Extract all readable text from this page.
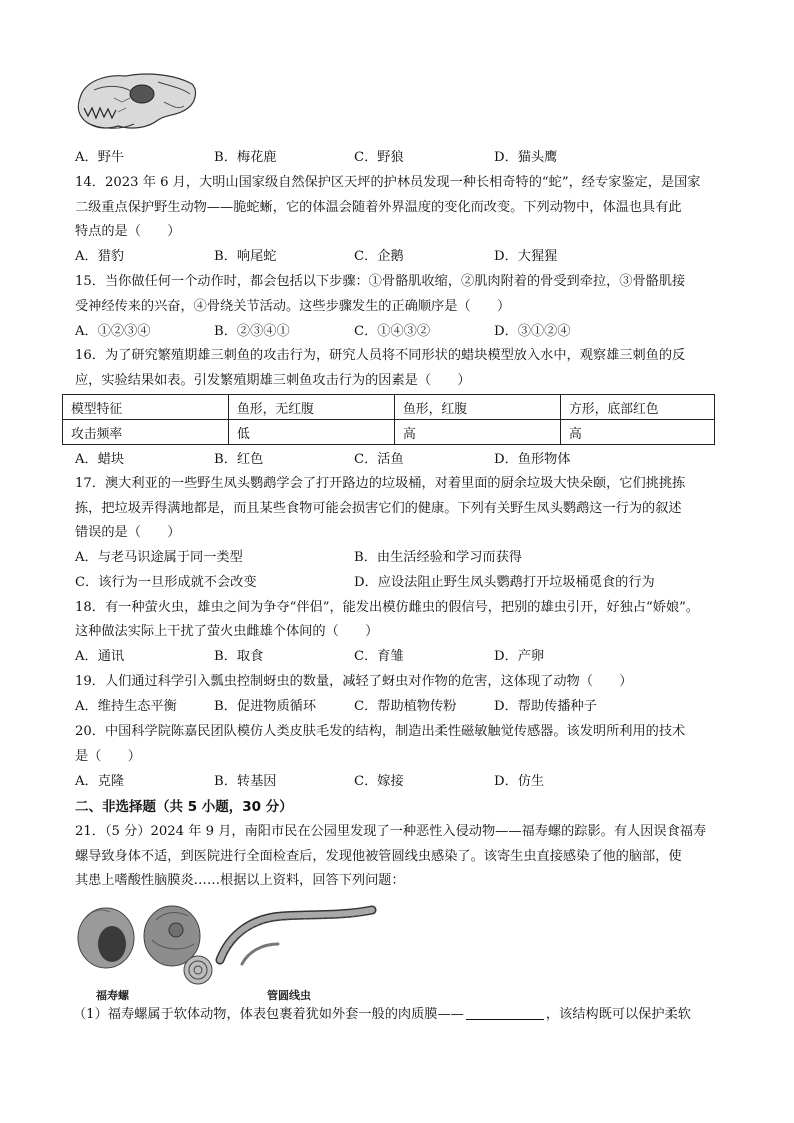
A．野牛	B．梅花鹿	C．野狼	D．猫头鹰
14．2023 年 6 月，大明山国家级自然保护区天坪的护林员发现一种长相奇特的“蛇”，经专家鉴定，是国家
二级重点保护野生动物——脆蛇蜥，它的体温会随着外界温度的变化而改变。下列动物中，体温也具有此
特点的是（　　）
A．猎豹	B．响尾蛇	C．企鹅	D．大猩猩
15．当你做任何一个动作时，都会包括以下步骤：①骨骼肌收缩，②肌肉附着的骨受到牵拉，③骨骼肌接
受神经传来的兴奋，④骨绕关节活动。这些步骤发生的正确顺序是（　　）
A．①②③④	B．②③④①	C．①④③②	D．③①②④
16．为了研究繁殖期雄三刺鱼的攻击行为，研究人员将不同形状的蜡块模型放入水中，观察雄三刺鱼的反
应，实验结果如表。引发繁殖期雄三刺鱼攻击行为的因素是（　　）
模型特征	鱼形，无红腹	鱼形，红腹	方形，底部红色
攻击频率	低	高	高
A．蜡块	B．红色	C．活鱼	D．鱼形物体
17．澳大利亚的一些野生凤头鹦鹉学会了打开路边的垃圾桶，对着里面的厨余垃圾大快朵颐，它们挑挑拣
拣，把垃圾弄得满地都是，而且某些食物可能会损害它们的健康。下列有关野生凤头鹦鹉这一行为的叙述
错误的是（　　）
A．与老马识途属于同一类型	B．由生活经验和学习而获得
C．该行为一旦形成就不会改变	D．应设法阻止野生凤头鹦鹉打开垃圾桶觅食的行为
18．有一种萤火虫，雄虫之间为争夺“伴侣”，能发出模仿雌虫的假信号，把别的雄虫引开，好独占“娇娘”。
这种做法实际上干扰了萤火虫雌雄个体间的（　　）
A．通讯	B．取食	C．育雏	D．产卵
19．人们通过科学引入瓢虫控制蚜虫的数量，减轻了蚜虫对作物的危害，这体现了动物（　　）
A．维持生态平衡	B．促进物质循环	C．帮助植物传粉	D．帮助传播种子
20．中国科学院陈嘉民团队模仿人类皮肤毛发的结构，制造出柔性磁敏触觉传感器。该发明所利用的技术
是（　　）
A．克隆	B．转基因	C．嫁接	D．仿生
二、非选择题（共 5 小题，30 分）
21．（5 分）2024 年 9 月，南阳市民在公园里发现了一种恶性入侵动物——福寿螺的踪影。有人因误食福寿
螺导致身体不适，到医院进行全面检查后，发现他被管圆线虫感染了。该寄生虫直接感染了他的脑部，使
其患上嗜酸性脑膜炎……根据以上资料，回答下列问题：
福寿螺	管圆线虫
（1）福寿螺属于软体动物，体表包裹着犹如外套一般的肉质膜——	，该结构既可以保护柔软
